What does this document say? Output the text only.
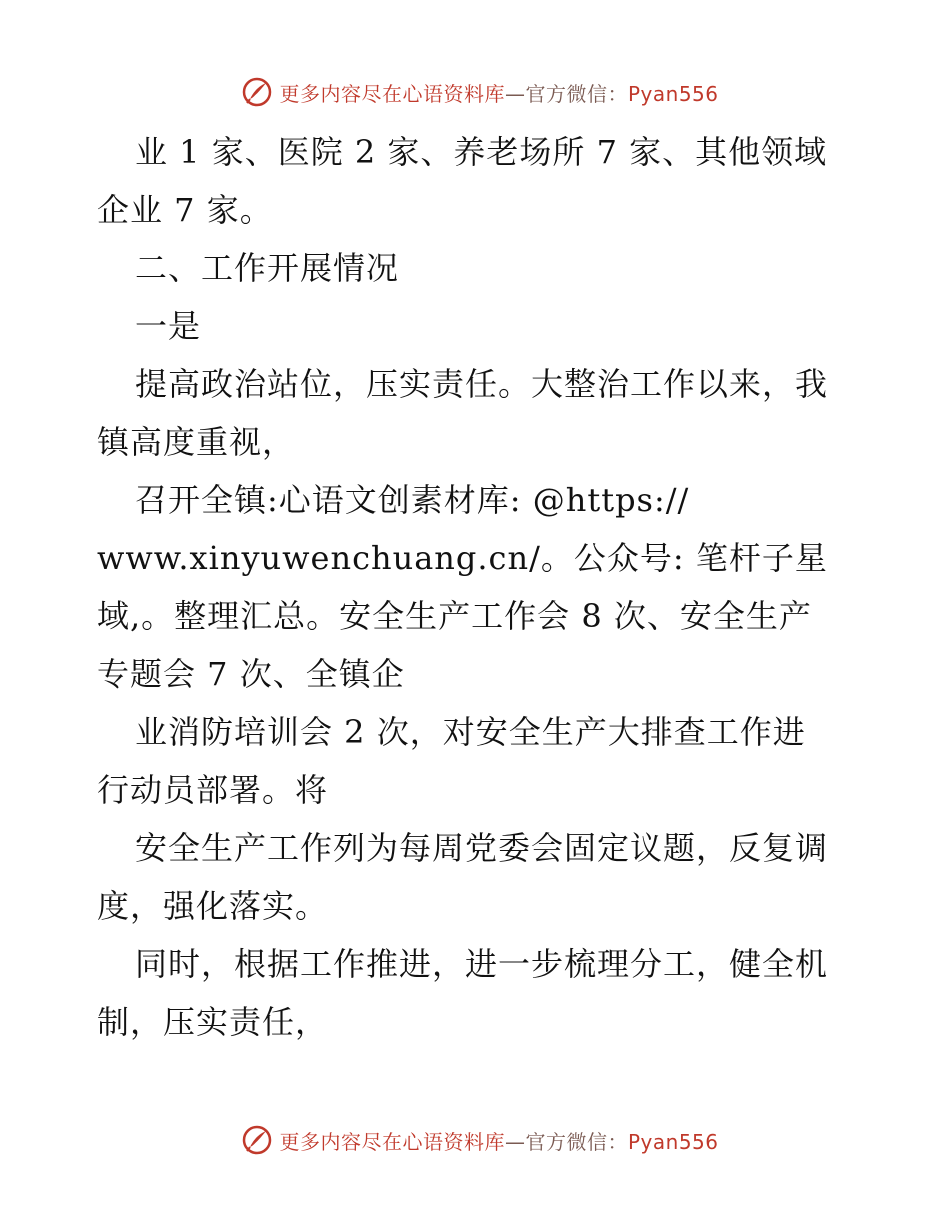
更多内容尽在心语资料库—官方微信：Pyan556
业 1 家、医院 2 家、养老场所 7 家、其他领域
企业 7 家。
二、工作开展情况
一是
提高政治站位，压实责任。大整治工作以来，我
镇高度重视，
召开全镇:心语文创素材库: @https://
www.xinyuwenchuang.cn/。公众号: 笔杆子星
域,。整理汇总。安全生产工作会 8 次、安全生产
专题会 7 次、全镇企
业消防培训会 2 次，对安全生产大排查工作进
行动员部署。将
安全生产工作列为每周党委会固定议题，反复调
度，强化落实。
同时，根据工作推进，进一步梳理分工，健全机
制，压实责任，
更多内容尽在心语资料库—官方微信：Pyan556
